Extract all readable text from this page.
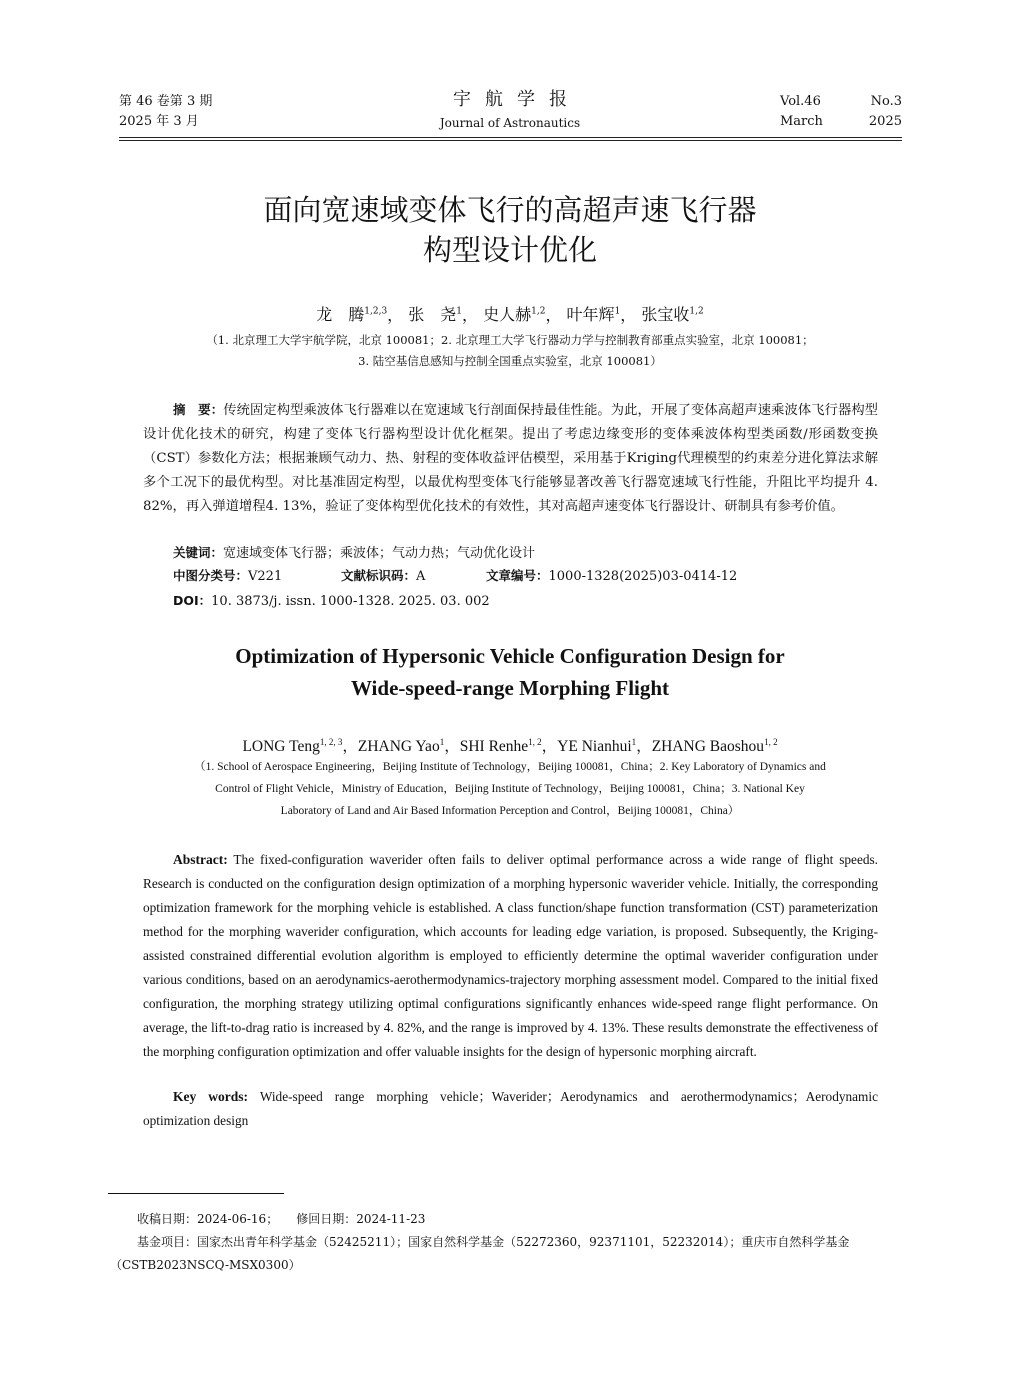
第 46 卷第 3 期
2025 年 3 月
宇航学报
Journal of Astronautics
Vol.46	No.3
March	2025
面向宽速域变体飞行的高超声速飞行器
构型设计优化
龙　腾$^{1,2,3}$， 张　尧$^1$， 史人赫$^{1,2}$， 叶年辉$^1$， 张宝收$^{1,2}$
（1. 北京理工大学宇航学院，北京 100081；2. 北京理工大学飞行器动力学与控制教育部重点实验室，北京 100081；
3. 陆空基信息感知与控制全国重点实验室，北京 100081）
摘　要：传统固定构型乘波体飞行器难以在宽速域飞行剖面保持最佳性能。为此，开展了变体高超声速乘波体飞行器构型设计优化技术的研究，构建了变体飞行器构型设计优化框架。提出了考虑边缘变形的变体乘波体构型类函数/形函数变换（CST）参数化方法；根据兼顾气动力、热、射程的变体收益评估模型，采用基于Kriging代理模型的约束差分进化算法求解多个工况下的最优构型。对比基准固定构型，以最优构型变体飞行能够显著改善飞行器宽速域飞行性能，升阻比平均提升 4. 82%，再入弹道增程4. 13%，验证了变体构型优化技术的有效性，其对高超声速变体飞行器设计、研制具有参考价值。
关键词：宽速域变体飞行器；乘波体；气动力热；气动优化设计
中图分类号：V221	文献标识码：A	文章编号：1000-1328(2025)03-0414-12
DOI：10. 3873/j. issn. 1000-1328. 2025. 03. 002
Optimization of Hypersonic Vehicle Configuration Design for
Wide-speed-range Morphing Flight
LONG Teng$^{1, 2, 3}$，ZHANG Yao$^1$，SHI Renhe$^{1, 2}$，YE Nianhui$^1$，ZHANG Baoshou$^{1, 2}$
（1. School of Aerospace Engineering，Beijing Institute of Technology，Beijing 100081，China；2. Key Laboratory of Dynamics and
Control of Flight Vehicle，Ministry of Education，Beijing Institute of Technology，Beijing 100081，China；3. National Key
Laboratory of Land and Air Based Information Perception and Control，Beijing 100081，China）
Abstract: The fixed-configuration waverider often fails to deliver optimal performance across a wide range of flight speeds. Research is conducted on the configuration design optimization of a morphing hypersonic waverider vehicle. Initially, the corresponding optimization framework for the morphing vehicle is established. A class function/shape function transformation (CST) parameterization method for the morphing waverider configuration, which accounts for leading edge variation, is proposed. Subsequently, the Kriging-assisted constrained differential evolution algorithm is employed to efficiently determine the optimal waverider configuration under various conditions, based on an aerodynamics-aerothermodynamics-trajectory morphing assessment model. Compared to the initial fixed configuration, the morphing strategy utilizing optimal configurations significantly enhances wide-speed range flight performance. On average, the lift-to-drag ratio is increased by 4. 82%, and the range is improved by 4. 13%. These results demonstrate the effectiveness of the morphing configuration optimization and offer valuable insights for the design of hypersonic morphing aircraft.
Key words: Wide-speed range morphing vehicle；Waverider；Aerodynamics and aerothermodynamics；Aerodynamic optimization design
收稿日期：2024-06-16； 修回日期：2024-11-23
基金项目：国家杰出青年科学基金（52425211）；国家自然科学基金（52272360，92371101，52232014）；重庆市自然科学基金
（CSTB2023NSCQ-MSX0300）
